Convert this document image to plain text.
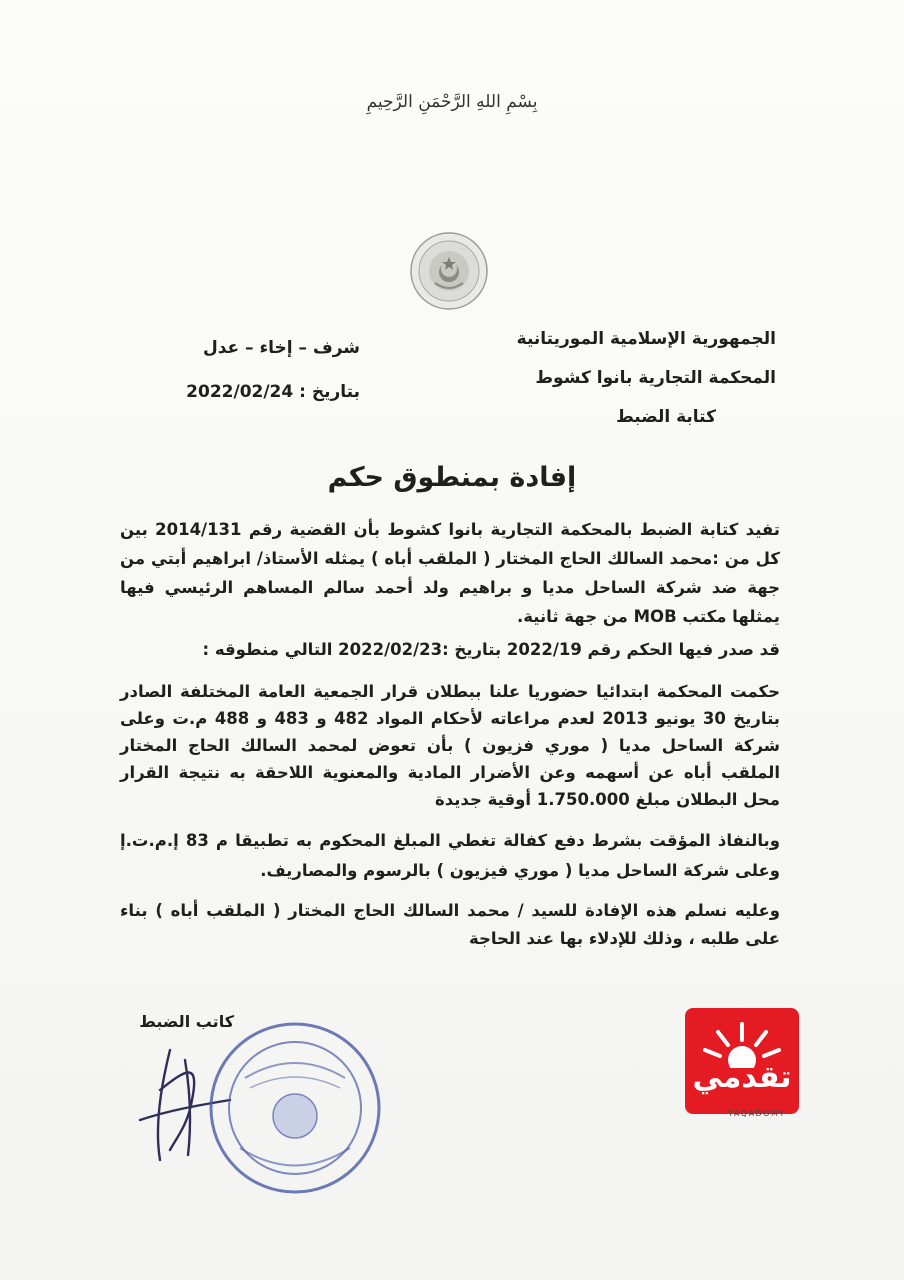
بِسْمِ اللهِ الرَّحْمَنِ الرَّحِيمِ
الجمهورية الإسلامية الموريتانية
المحكمة التجارية بانوا كشوط
كتابة الضبط
شرف – إخاء – عدل
بتاريخ : 2022/02/24
إفادة بمنطوق حكم
تفيد كتابة الضبط بالمحكمة التجارية بانوا كشوط بأن القضية رقم 2014/131 بين كل من :محمد السالك الحاج المختار ( الملقب أباه ) يمثله الأستاذ/ ابراهيم أبتي من جهة ضد شركة الساحل مديا و براهيم ولد أحمد سالم المساهم الرئيسي فيها يمثلها مكتب MOB من جهة ثانية.
قد صدر فيها الحكم رقم 2022/19 بتاريخ :2022/02/23 التالي منطوقه :
حكمت المحكمة ابتدائيا حضوريا علنا ببطلان قرار الجمعية العامة المختلفة الصادر بتاريخ 30 يونيو 2013 لعدم مراعاته لأحكام المواد 482 و 483 و 488 م.ت وعلى شركة الساحل مديا ( موري فزيون ) بأن تعوض لمحمد السالك الحاج المختار الملقب أباه عن أسهمه وعن الأضرار المادية والمعنوية اللاحقة به نتيجة القرار محل البطلان مبلغ 1.750.000 أوقية جديدة
وبالنفاذ المؤقت بشرط دفع كفالة تغطي المبلغ المحكوم به تطبيقا م 83 إ.م.ت.إ وعلى شركة الساحل مديا ( موري فيزيون ) بالرسوم والمصاريف.
وعليه نسلم هذه الإفادة للسيد / محمد السالك الحاج المختار ( الملقب أباه ) بناء على طلبه ، وذلك للإدلاء بها عند الحاجة
كاتب الضبط
تقدمي
TAQADOMY
